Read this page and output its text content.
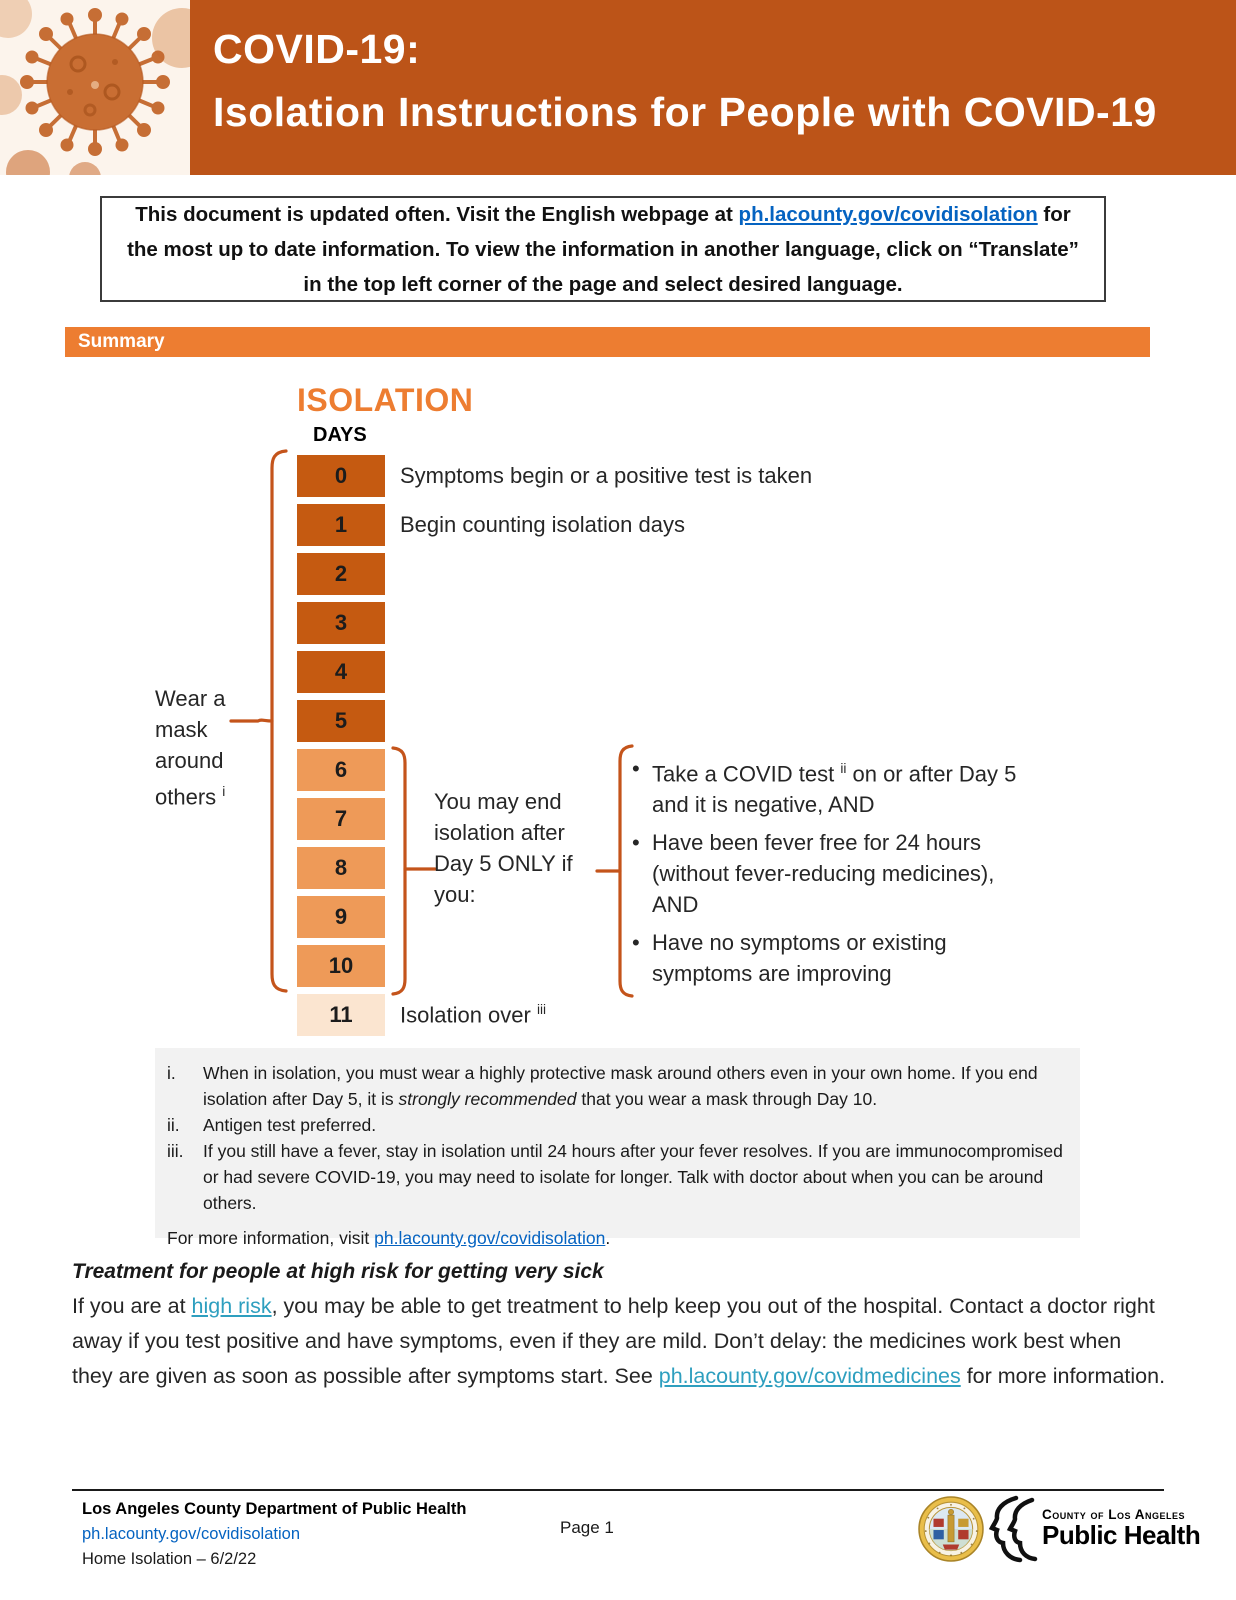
COVID-19:
Isolation Instructions for People with COVID-19
This document is updated often. Visit the English webpage at ph.lacounty.gov/covidisolation for the most up to date information. To view the information in another language, click on “Translate” in the top left corner of the page and select desired language.
Summary
ISOLATION
DAYS
0
1
2
3
4
5
6
7
8
9
10
11
Symptoms begin or a positive test is taken
Begin counting isolation days
Isolation over $^{iii}$
Wear a mask around others $^i$	You may end isolation after Day 5 ONLY if you:
• Take a COVID test $^{ii}$ on or after Day 5 and it is negative, AND
• Have been fever free for 24 hours (without fever-reducing medicines), AND
• Have no symptoms or existing symptoms are improving
i.	When in isolation, you must wear a highly protective mask around others even in your own home. If you end isolation after Day 5, it is strongly recommended that you wear a mask through Day 10.
ii.	Antigen test preferred.
iii.	If you still have a fever, stay in isolation until 24 hours after your fever resolves. If you are immunocompromised or had severe COVID-19, you may need to isolate for longer. Talk with doctor about when you can be around others.
For more information, visit ph.lacounty.gov/covidisolation.
Treatment for people at high risk for getting very sick
If you are at high risk, you may be able to get treatment to help keep you out of the hospital. Contact a doctor right away if you test positive and have symptoms, even if they are mild. Don’t delay: the medicines work best when they are given as soon as possible after symptoms start. See ph.lacounty.gov/covidmedicines for more information.
Los Angeles County Department of Public Health
ph.lacounty.gov/covidisolation
Home Isolation – 6/2/22
Page 1
County of Los Angeles
Public Health
